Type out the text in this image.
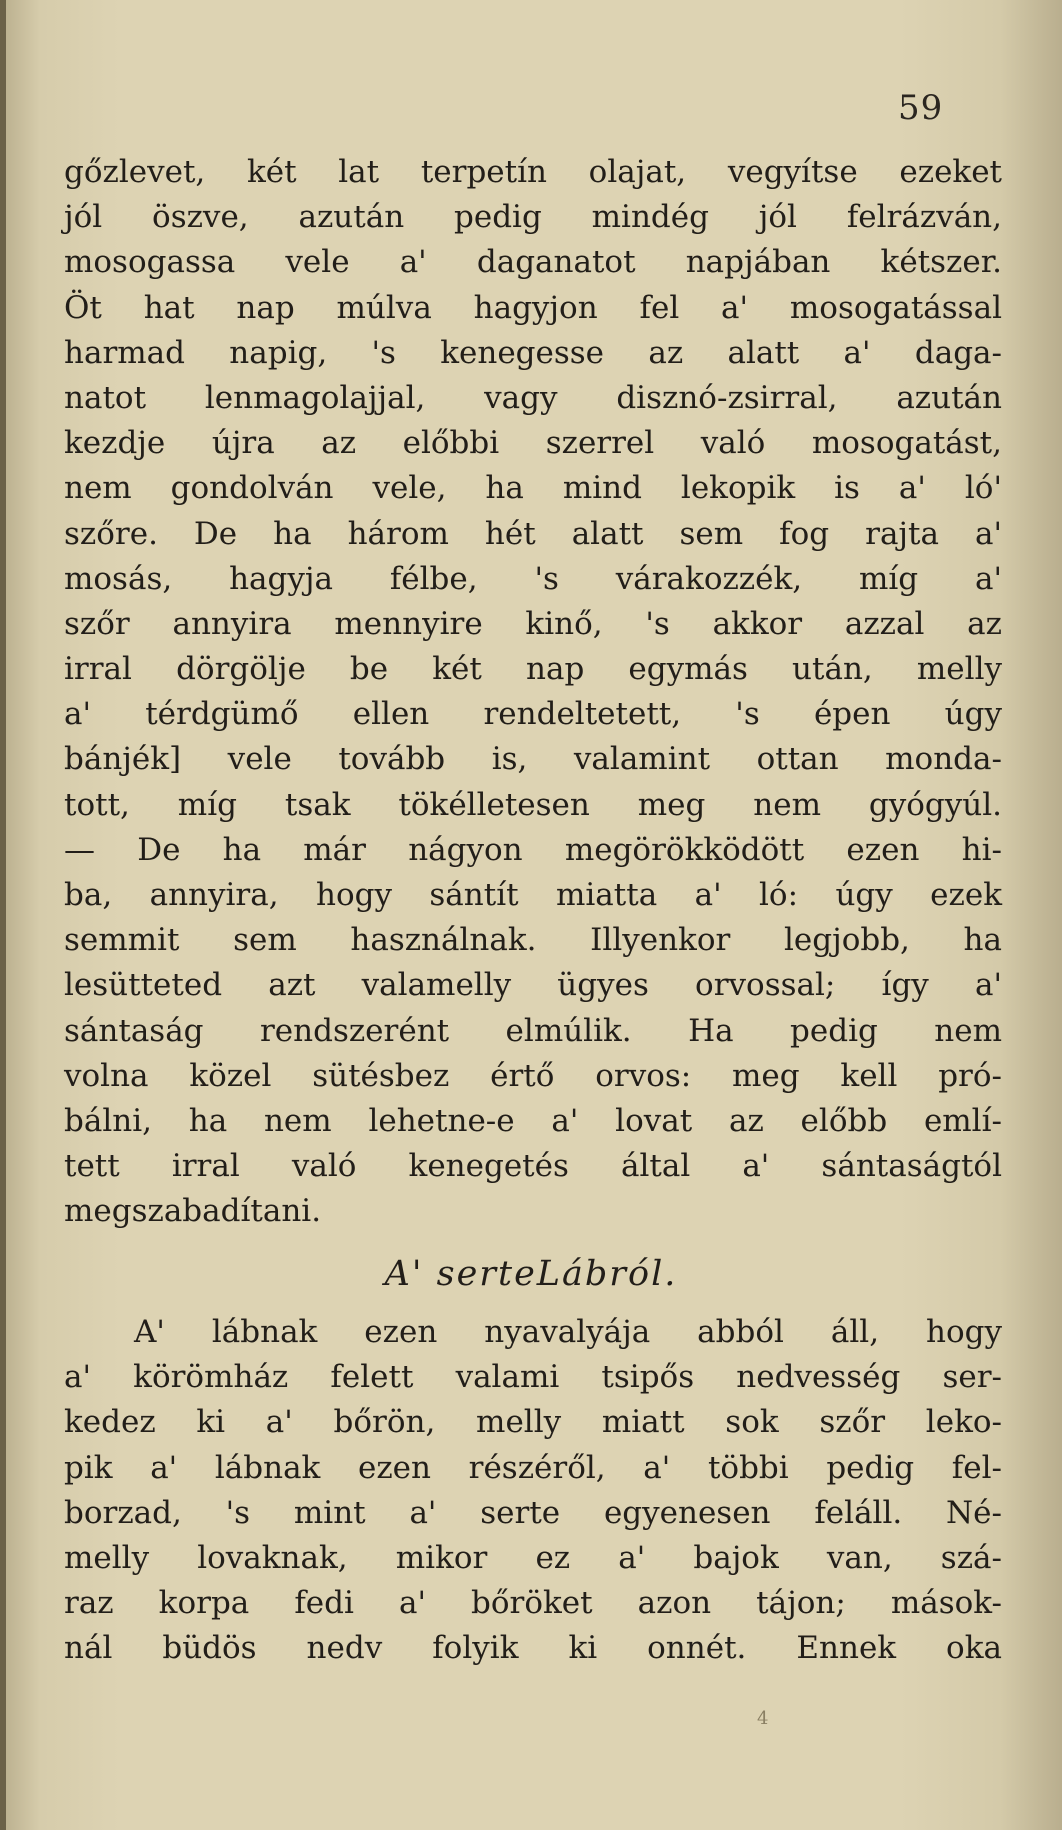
59
gőzlevet, két lat terpetín olajat, vegyítse ezeket
jól öszve, azután pedig mindég jól felrázván,
mosogassa vele a' daganatot napjában kétszer.
Öt hat nap múlva hagyjon fel a' mosogatással
harmad napig, 's kenegesse az alatt a' daga-
natot lenmagolajjal, vagy disznó-zsirral, azután
kezdje újra az előbbi szerrel való mosogatást,
nem gondolván vele, ha mind lekopik is a' ló'
szőre. De ha három hét alatt sem fog rajta a'
mosás, hagyja félbe, 's várakozzék, míg a'
szőr annyira mennyire kinő, 's akkor azzal az
irral dörgölje be két nap egymás után, melly
a' térdgümő ellen rendeltetett, 's épen úgy
bánjék] vele tovább is, valamint ottan monda-
tott, míg tsak tökélletesen meg nem gyógyúl.
— De ha már nágyon megörökködött ezen hi-
ba, annyira, hogy sántít miatta a' ló: úgy ezek
semmit sem használnak. Illyenkor legjobb, ha
lesütteted azt valamelly ügyes orvossal; így a'
sántaság rendszerént elmúlik. Ha pedig nem
volna közel sütésbez értő orvos: meg kell pró-
bálni, ha nem lehetne-e a' lovat az előbb emlí-
tett irral való kenegetés által a' sántaságtól
megszabadítani.
A' serteLábról.
A' lábnak ezen nyavalyája abból áll, hogy
a' körömház felett valami tsipős nedvesség ser-
kedez ki a' bőrön, melly miatt sok szőr leko-
pik a' lábnak ezen részéről, a' többi pedig fel-
borzad, 's mint a' serte egyenesen feláll. Né-
melly lovaknak, mikor ez a' bajok van, szá-
raz korpa fedi a' bőröket azon tájon; mások-
nál büdös nedv folyik ki onnét. Ennek oka
4
